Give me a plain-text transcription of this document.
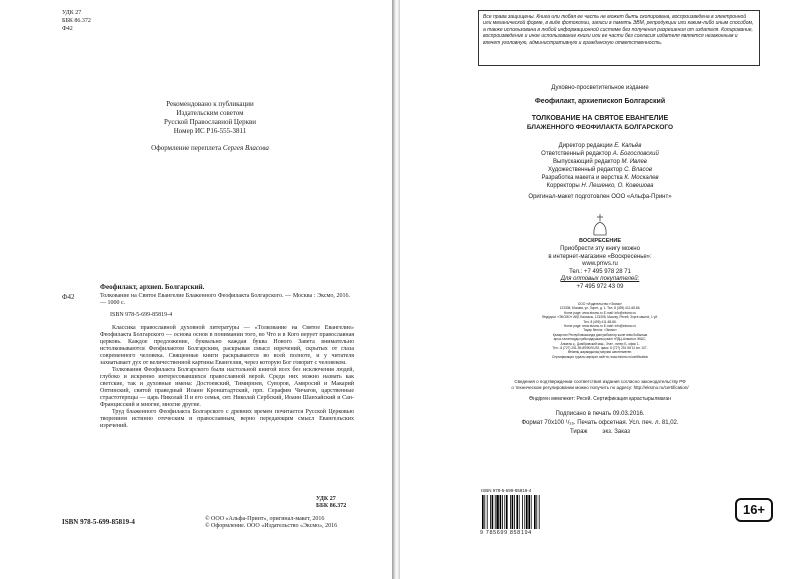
УДК 27
ББК 86.372
Ф42
Рекомендовано к публикации
Издательским советом
Русской Православной Церкви
Номер ИС Р16-555-3811
Оформление переплета Сергея Власова
Феофилакт, архиеп. Болгарский.
Ф42	Толкование на Святое Евангелие Блаженного Феофилакта Болгарского. — Москва : Эксмо, 2016. — 1000 с.
ISBN 978-5-699-85819-4

Классика православной духовной литературы — «Толкование на Святое Евангелие» Феофилакта Болгарского — основа основ в понимании того, во Что и в Кого верует православная церковь. Каждое предложение, буквально каждая буква Нового Завета внимательно истолковываются Феофилактом Болгарским, раскрывая смысл изречений, скрытых от глаза современного человека. Священные книги раскрываются во всей полноте, и у читателя захватывает дух от величественной картины Евангелия, через которую Бог говорит с человеком.

Толкования Феофилакта Болгарского были настольной книгой всех без исключения людей, глубоко и искренно интересовавшихся православной верой. Среди них можно назвать как светские, так и духовные имена: Достоевский, Тимирязев, Суворов, Амвросий и Макарий Оптинский, святой праведный Иоанн Кронштадтский, прп. Серафим Чичагов, царственные страстотерпцы — царь Николай II и его семья, свт. Николай Сербский, Иоанн Шанхайский и Сан-Францисский и многие, многие другие.

Труд блаженного Феофилакта Болгарского с древних времен почитается Русской Церковью творением истинно отеческим и православным, верно передающим смысл Евангельских изречений.

УДК 27
ББК 86.372
ISBN 978-5-699-85819-4	© ООО «Альфа-Принт», оригинал-макет, 2016
© Оформление. ООО «Издательство «Эксмо», 2016
Все права защищены. Книга или любая ее часть не может быть скопирована, воспроизведена в электронной или механической форме, в виде фотокопии, записи в память ЭВМ, репродукции или каким-либо иным способом, а также использована в любой информационной системе без получения разрешения от издателя. Копирование, воспроизведение и иное использование книги или ее части без согласия издателя является незаконным и влечет уголовную, административную и гражданскую ответственность.
Духовно-просветительное издание
Феофилакт, архиепископ Болгарский
ТОЛКОВАНИЕ НА СВЯТОЕ ЕВАНГЕЛИЕ
БЛАЖЕННОГО ФЕОФИЛАКТА БОЛГАРСКОГО
Директор редакции Е. Капьёв
Ответственный редактор А. Богословский
Выпускающий редактор М. Ивлев
Художественный редактор С. Власов
Разработка макета и верстка К. Москалев
Корректоры Н. Лешенко, О. Ковешова
Оригинал-макет подготовлен ООО «Альфа-Принт»
ВОСКРЕСЕНИЕ
Приобрести эту книгу можно
в интернет-магазине «Воскресенье»:
www.pmvs.ru
Тел.: +7 495 978 28 71
Для оптовых покупателей:
+7 495 972 43 09
ООО «Издательство «Эксмо»
123308, Москва, ул. Зорге, д. 1. Тел. 8 (495) 411-68-86.
Home page: www.eksmo.ru E-mail: info@eksmo.ru
Өндіруші: «ЭКСМО» АҚБ Баспасы, 123308, Мәскеу, Ресей, Зорге көшесі, 1 үй.
Тел. 8 (495) 411-68-86.
Home page: www.eksmo.ru E-mail: info@eksmo.ru
Тауар белгісі: «Эксмо»
Қазақстан Республикасында дистрибьютор және өнім бойынша
арыз-талаптарды қабылдаушының өкілі «РДЦ-Алматы» ЖШС,
Алматы қ., Домбровский көш., 3«а», литер Б, офис 1.
Тел.: 8 (727) 251-59-89/90/91/92, факс: 8 (727) 251 58 12 вн. 107.
Өнімнің жарамдылық мерзімі шектелмеген.
Сертификация туралы ақпарат сайтта: www.eksmo.ru/certification
Сведения о подтверждении соответствия издания согласно законодательству РФ
о техническом регулировании можно получить по адресу: http://eksmo.ru/certification/
Өндірген мемлекет: Ресей. Сертификация қарастырылмаған
Подписано в печать 09.03.2016.
Формат 70x100 ¹/₁₆. Печать офсетная. Усл. печ. л. 81,02.
Тираж         экз. Заказ
ISBN 978-5-699-85819-4
9 785699 858194
16+
